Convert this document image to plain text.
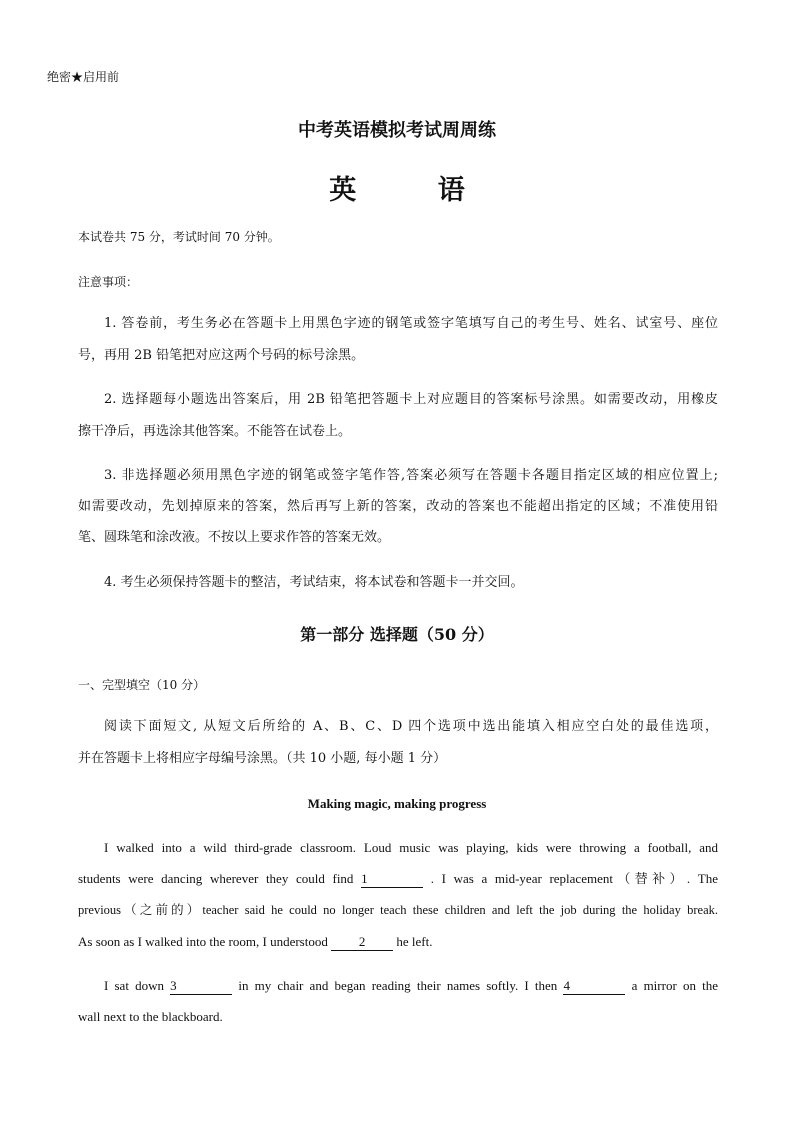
绝密★启用前
中考英语模拟考试周周练
英 语
本试卷共 75 分，考试时间 70 分钟。
注意事项：
1. 答卷前，考生务必在答题卡上用黑色字迹的钢笔或签字笔填写自己的考生号、姓名、试室号、座位
号，再用 2B 铅笔把对应这两个号码的标号涂黑。
2. 选择题每小题选出答案后，用 2B 铅笔把答题卡上对应题目的答案标号涂黑。如需要改动，用橡皮
擦干净后，再选涂其他答案。不能答在试卷上。
3. 非选择题必须用黑色字迹的钢笔或签字笔作答,答案必须写在答题卡各题目指定区域的相应位置上;
如需要改动，先划掉原来的答案，然后再写上新的答案，改动的答案也不能超出指定的区域；不准使用铅
笔、圆珠笔和涂改液。不按以上要求作答的答案无效。
4. 考生必须保持答题卡的整洁，考试结束，将本试卷和答题卡一并交回。
第一部分 选择题（50 分）
一、完型填空（10 分）
阅读下面短文, 从短文后所给的 A、B、C、D 四个选项中选出能填入相应空白处的最佳选项，
并在答题卡上将相应字母编号涂黑。（共 10 小题, 每小题 1 分）
Making magic, making progress
I walked into a wild third-grade classroom. Loud music was playing, kids were throwing a football, and
students were dancing wherever they could find 1	. I was a mid-year replacement（替补）. The
previous（之前的）teacher said he could no longer teach these children and left the job during the holiday break.
As soon as I walked into the room, I understood 2 he left.
I sat down 3	in my chair and began reading their names softly. I then 4	a mirror on the
wall next to the blackboard.
